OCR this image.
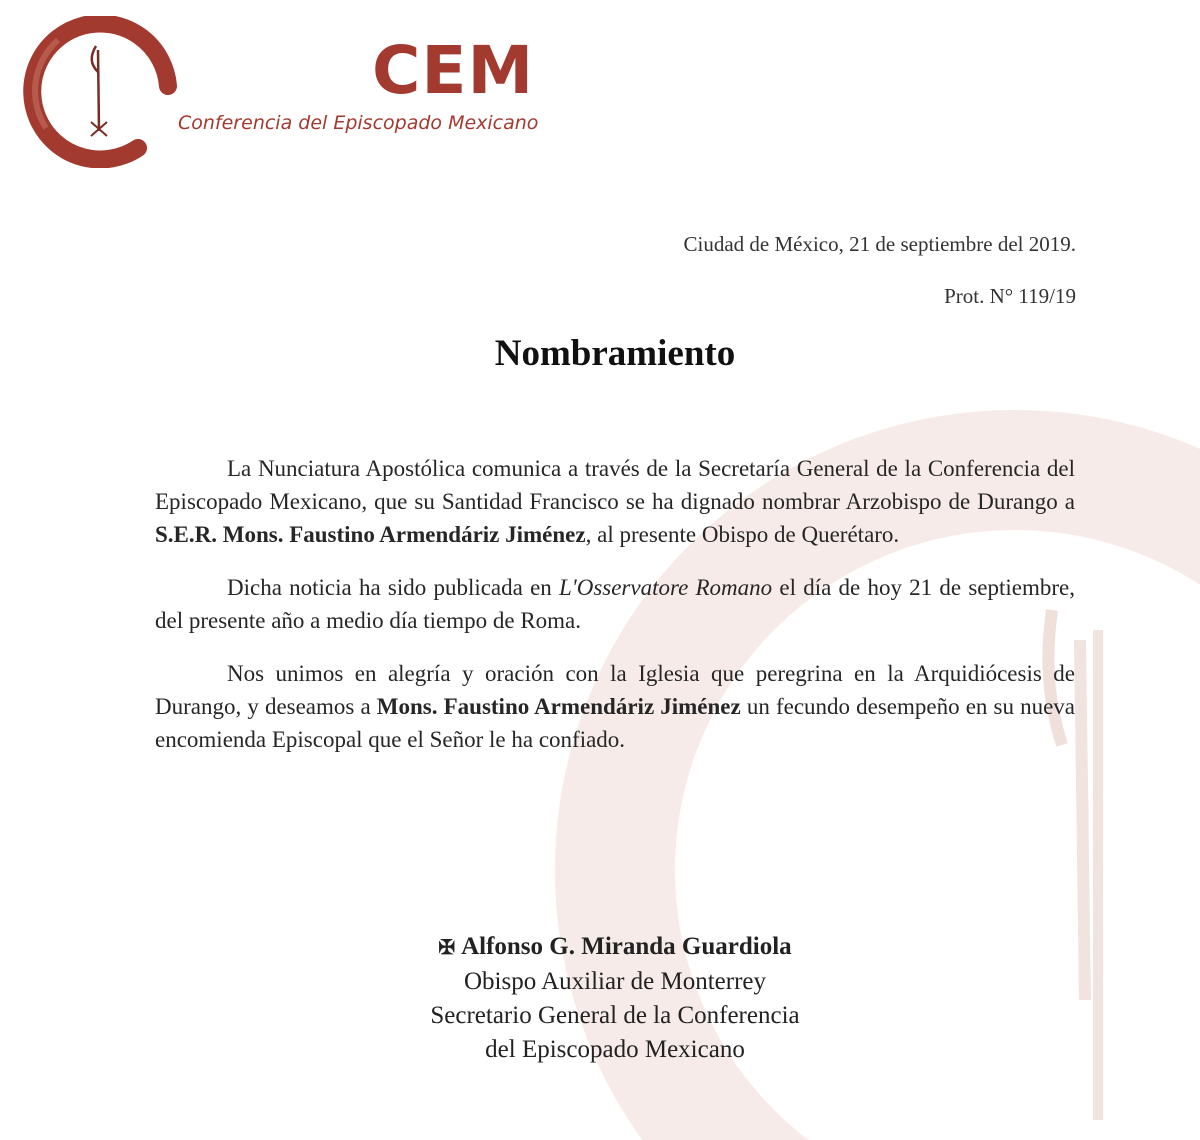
CEM
Conferencia del Episcopado Mexicano
Ciudad de México, 21 de septiembre del 2019.
Prot. N° 119/19
Nombramiento

La Nunciatura Apostólica comunica a través de la Secretaría General de la Conferencia del Episcopado Mexicano, que su Santidad Francisco se ha dignado nombrar Arzobispo de Durango a S.E.R. Mons. Faustino Armendáriz Jiménez, al presente Obispo de Querétaro.

Dicha noticia ha sido publicada en L'Osservatore Romano el día de hoy 21 de septiembre, del presente año a medio día tiempo de Roma.

Nos unimos en alegría y oración con la Iglesia que peregrina en la Arquidiócesis de Durango, y deseamos a Mons. Faustino Armendáriz Jiménez un fecundo desempeño en su nueva encomienda Episcopal que el Señor le ha confiado.

✠ Alfonso G. Miranda Guardiola
Obispo Auxiliar de Monterrey
Secretario General de la Conferencia
del Episcopado Mexicano
